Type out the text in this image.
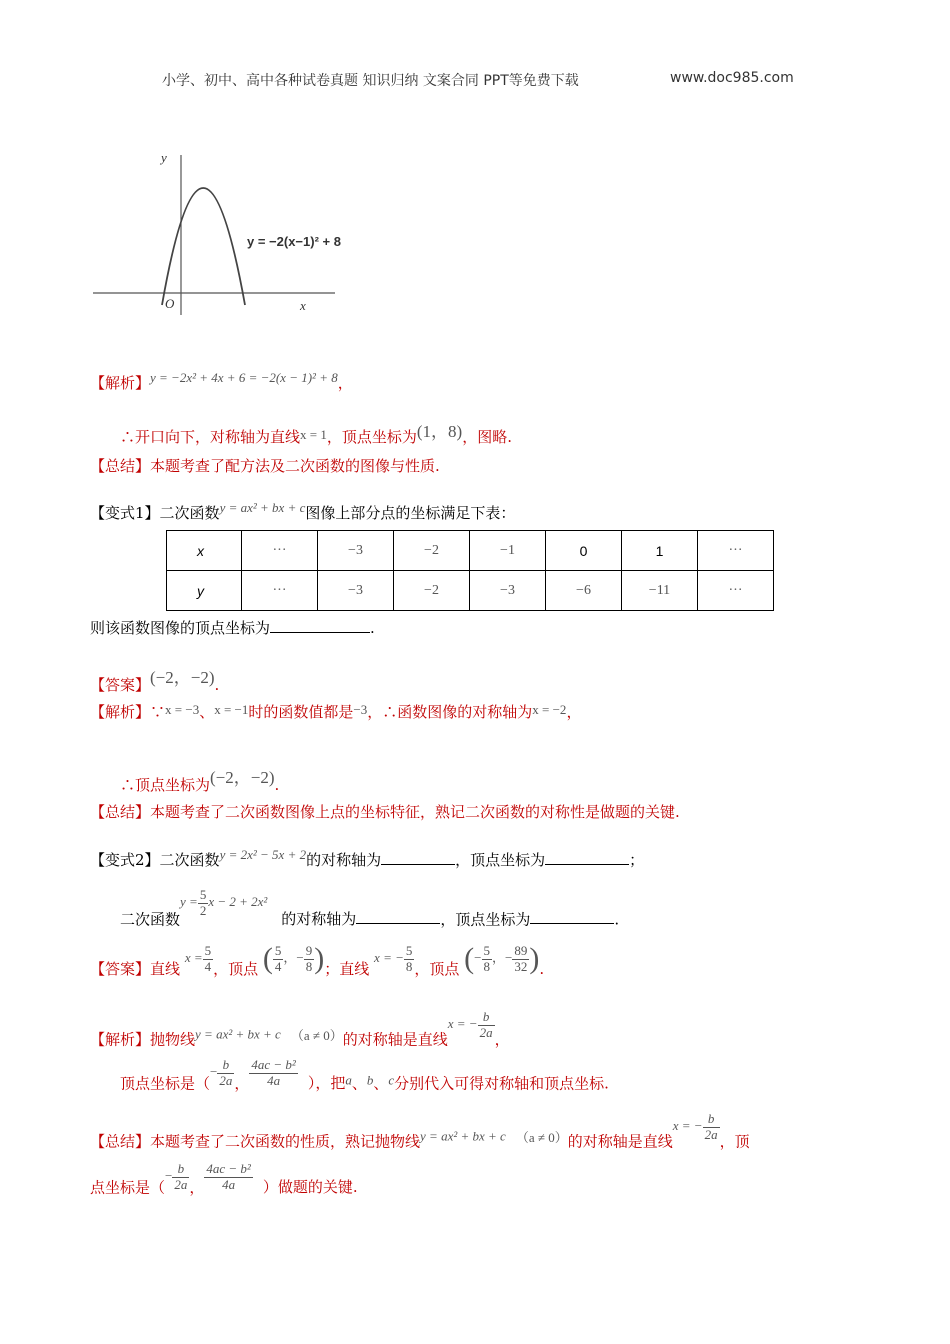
小学、初中、高中各种试卷真题 知识归纳 文案合同 PPT等免费下载	www.doc985.com
y
x
O
y = −2(x−1)² + 8
【解析】y = −2x² + 4x + 6 = −2(x − 1)² + 8，
∴开口向下，对称轴为直线x = 1，顶点坐标为(1，8)，图略.
【总结】本题考查了配方法及二次函数的图像与性质.
【变式1】二次函数y = ax² + bx + c图像上部分点的坐标满足下表：
x	···	−3	−2	−1	0	1	···
y	···	−3	−2	−3	−6	−11	···
则该函数图像的顶点坐标为	.
【答案】(−2，−2).
【解析】∵x = −3、x = −1时的函数值都是−3，∴函数图像的对称轴为x = −2，
∴顶点坐标为(−2，−2).
【总结】本题考查了二次函数图像上点的坐标特征，熟记二次函数的对称性是做题的关键.
【变式2】二次函数y = 2x² − 5x + 2的对称轴为	，顶点坐标为	；
二次函数$y = \frac{5}{2}$ x − 2 + 2x²的对称轴为	，顶点坐标为	.
【答案】直线 $x = \frac{5}{4}$ ，顶点 ( $\frac{5}{4}$ ，− $\frac{9}{8}$ )；直线 x = − $\frac{5}{8}$ ，顶点 (− $\frac{5}{8}$ ，− $\frac{89}{32}$ ).
【解析】抛物线y = ax² + bx + c （a ≠ 0）的对称轴是直线x = − $\frac{b}{2a}$ ，
顶点坐标是（− $\frac{b}{2a}$ ， $\frac{\text{4ac − b²}}{4a}$ ），把a、b、c分别代入可得对称轴和顶点坐标.
【总结】本题考查了二次函数的性质，熟记抛物线y = ax² + bx + c （a ≠ 0）的对称轴是直线x = − $\frac{b}{2a}$ ，顶
点坐标是（− $\frac{b}{2a}$ ， $\frac{\text{4ac − b²}}{4a}$ ）做题的关键.
